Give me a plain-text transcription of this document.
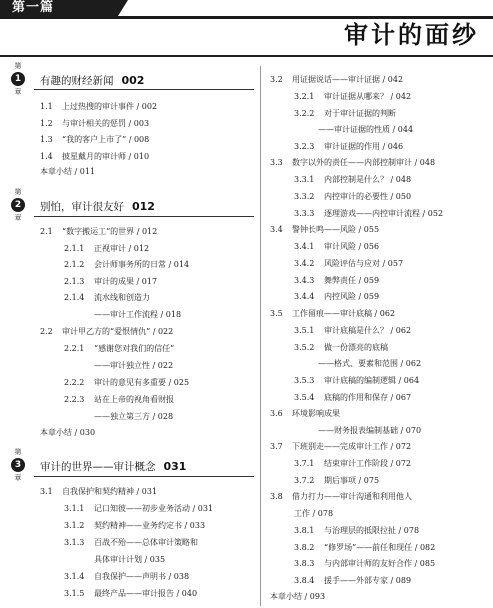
第一篇
审计的面纱
第
1
章
有趣的财经新闻 002
第
2
章
别怕，审计很友好 012
第
3
章
审计的世界——审计概念 031
1.1 上过热搜的审计事件 / 002
1.2 与审计相关的惩罚 / 003
1.3 “我的客户上市了” / 008
1.4 披星戴月的审计师 / 010
本章小结 / 011
2.1 “数字搬运工”的世界 / 012
2.1.1 正视审计 / 012
2.1.2 会计师事务所的日常 / 014
2.1.3 审计的成果 / 017
2.1.4 流水线和创造力
——审计工作流程 / 018
2.2 审计甲乙方的“爱恨情仇” / 022
2.2.1 “感谢您对我们的信任”
——审计独立性 / 022
2.2.2 审计的意见有多重要 / 025
2.2.3 站在上帝的视角看财报
——独立第三方 / 028
本章小结 / 030
3.1 自我保护和契约精神 / 031
3.1.1 记口知彼——初步业务活动 / 031
3.1.2 契约精神——业务约定书 / 033
3.1.3 百战不殆——总体审计策略和
具体审计计划 / 035
3.1.4 自我保护——声明书 / 038
3.1.5 最终产品——审计报告 / 040
3.2 用证据说话——审计证据 / 042
3.2.1 审计证据从哪来？ / 042
3.2.2 对于审计证据的判断
——审计证据的性质 / 044
3.2.3 审计证据的作用 / 046
3.3 数字以外的责任——内部控制审计 / 048
3.3.1 内部控制是什么？ / 048
3.3.2 内控审计的必要性 / 050
3.3.3 逐理游戏——内控审计流程 / 052
3.4 警钟长鸣——风险 / 055
3.4.1 审计风险 / 056
3.4.2 风险评估与应对 / 057
3.4.3 舞弊责任 / 059
3.4.4 内控风险 / 059
3.5 工作留痕——审计底稿 / 062
3.5.1 审计底稿是什么？ / 062
3.5.2 做一份漂亮的底稿
——格式、要素和范围 / 062
3.5.3 审计底稿的编制逻辑 / 064
3.5.4 底稿的作用和保存 / 067
3.6 环境影响成果
——财务报表编制基础 / 070
3.7 下班别走——完成审计工作 / 072
3.7.1 结束审计工作阶段 / 072
3.7.2 期后事项 / 075
3.8 借力打力——审计沟通和利用他人
工作 / 078
3.8.1 与治理层的抵限拉扯 / 078
3.8.2 “修罗场”——前任和现任 / 082
3.8.3 与内部审计师的友好合作 / 085
3.8.4 援手——外部专家 / 089
本章小结 / 093
